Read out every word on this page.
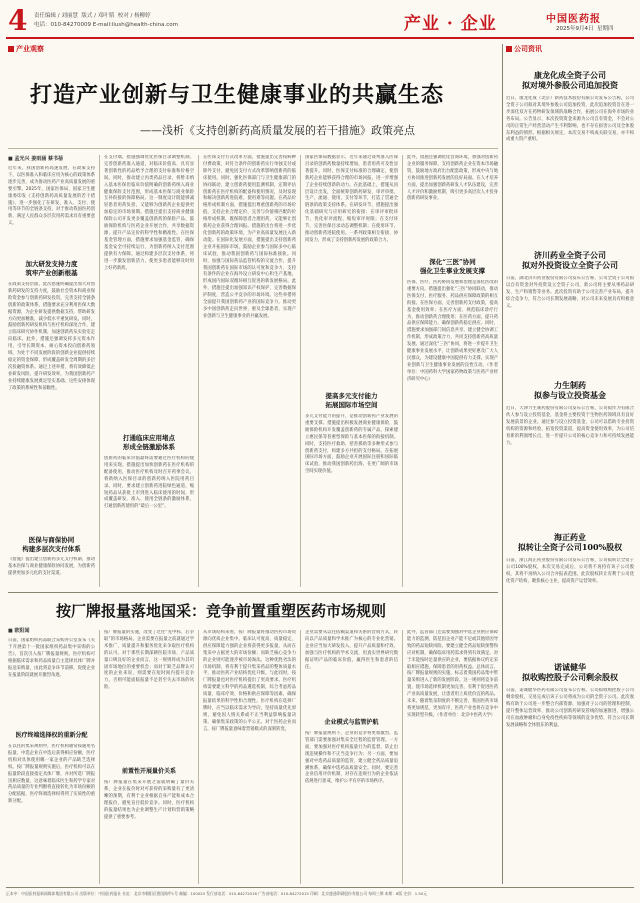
4 责任编辑 / 刘丽慧 版式 / 邓叶韬 校对 / 杨柳婷
电话：010-84270009 E-mail:liush@health-china.com	产业 · 企业	中国医药报
2025年9月4日 星期四
产业观察
打造产业创新与卫生健康事业的共赢生态
——浅析《支持创新药高质量发展的若干措施》政策亮点
■ 孟光兴 姜雨涵 蔡书蓓
近年来，我国创新药高速发展，在政策支持下，以医保准入和临床应用为核心的政策体系逐步完善，成为推动医药产业高质量发展的重要引擎。2025年，国家医保局、国家卫生健康委印发《支持创新药高质量发展的若干措施》，进一步强化了在研发、准入、支付、使用等环节的全链条支持，对于推动我国医药创新、满足人民群众多层次用药需求具有重要意义。
加大研发支持力度
筑牢产业创新根基
在政策支持层面，此次措施明确提出加大对创新药研发的支持力度，鼓励社会资本和商业保险资金参与创新药研发投资，完善支持全链条创新的政策体系。措施要求充分利用医保大数据资源，为企业研发提供数据支持，帮助研发方向更加精准，减少低水平重复研发。同时，鼓励创新药研发机构与医疗机构深度合作，建立临床研究协作机制，加速创新药从实验室走向临床。此外，措施还强调发挥多元资本作用，引导长期资本、耐心资本投向创新药领域，为处于不同发展阶段的创新企业提供持续稳定的资金保障，形成覆盖研发全周期的多层次投融资体系。通过上述举措，将有效降低企业研发风险，提升研发效率，为我国创新药产业持续健康发展奠定坚实基础。这些安排体现了政策的系统性和前瞻性。
医保与商保协同
构建多层次支付体系
《措施》提出建立创新药多元支付机制，推动基本医保与商业健康保险协同发展，为创新药提供更加多元化的支付渠道。
在支付端，措施强调优化医保目录调整机制，完善创新药准入通道，对临床价值高、具有显著创新性的药品给予合理的支付标准和价格空间。同时，推动建立丙类药品目录，将暂未纳入基本医保但临床价值明确的创新药纳入商业健康保险支付范围，形成基本医保与商业保险互补衔接的保障格局。这一制度设计既能够减轻患者用药负担，又能够为创新药企业提供更加稳定的市场预期。措施还提出支持商业健康保险公司开发更多覆盖创新药的保险产品，鼓励保险机构与医药企业开展合作，共享数据资源，提升产品定价的科学性和精准性。在医保基金管理方面，措施要求加强基金监管，确保基金安全可持续运行，为创新药纳入支付范围提供有力保障。通过构建多层次支付体系，将进一步激发创新活力，使更多患者能够及时用上好药新药。
打通临床应用堵点
形成全链激励体系
创新药的临床价值最终需要通过医疗机构的使用来实现。措施提出加快创新药在医疗机构的配备使用，推动医疗机构及时召开药事会议，将新纳入医保目录的创新药纳入医院用药目录。同时，要求建立创新药进院绿色通道，缩短药品从获批上市到进入临床使用的时间，形成覆盖研发、准入、使用全链条的激励体系，打通创新药使用的“最后一公里”。
在医保支付方式改革方面，措施提出完善按病种付费政策，对符合条件的创新药实行单独支付或除外支付，避免因支付方式改革影响创新药的临床使用。同时，强化医保部门与卫生健康部门的协同联动，建立创新药使用监测机制，定期评估创新药在医疗机构的配备和使用情况，及时发现和解决创新药进院难、使用难等问题。在药品价格形成机制方面，措施提出尊重创新药的市场价值，支持企业合理定价，完善与价值相匹配的价格形成机制，既保障患者合理用药，又能够让创新药企业获得合理回报。措施的出台将进一步优化创新药的政策环境，为产业高质量发展注入新动能。在国际化发展方面，措施提出支持创新药企业开拓国际市场，鼓励企业参与国际多中心临床试验，推动我国创新药与国际标准接轨。同时，加强与国际药品监管机构的交流合作，提升我国创新药在国际市场的认可度和竞争力，支持有条件的企业在海外设立研发中心和生产基地，形成国内国际双循环相互促进的新发展格局。此外，措施还提出加强知识产权保护，完善数据保护制度，营造公平竞争的市场环境。这些举措将全面提升我国创新药产业的国际竞争力，推动更多中国创新药走向世界，惠及全球患者，实现产业创新与卫生健康事业的共赢发展。
国家医保局数据显示，近年来通过谈判准入医保目录的创新药数量持续增加，患者用药可及性显著提升。同时，医保支付标准的合理确定，使创新药企业能够获得合理的市场回报，进一步增强了企业持续创新的动力。在此基础上，措施从顶层设计出发，全面统筹创新药研发、审评审批、生产、流通、使用、支付等环节，打造了贯通全链条的政策支持体系。在研发环节，措施提出强化基础研究与应用研究的衔接；在审评审批环节，优化审评流程、缩短审评时限；在支付环节，完善医保目录动态调整机制；在使用环节，推动创新药进院使用。一系列政策相互衔接、协同发力，形成了支持创新药发展的政策合力。
提高多元支付能力
拓展国际市场空间
多元支付能力的提升，是推动创新药产业发展的重要支撑。措施提出积极发展商业健康保险，鼓励保险机构开发覆盖创新药的专属产品，探索建立惠民保等普惠型保险与基本医保的衔接机制。同时，支持医疗救助、慈善援助等多种形式参与创新药支付，构建多方共担的支付格局。在拓展国际市场方面，鼓励企业开展国际注册和国际临床试验，推动我国创新药出海，在更广阔的市场空间实现价值。
此外，措施还强调优化营商环境，加强对创新药企业的服务保障，支持创新药企业在资本市场融资，鼓励地方政府出台配套政策，形成中央与地方协同推进创新药发展的良好局面。在人才培养方面，提出加强创新药研发人才队伍建设，完善人才评价和激励机制，吸引更多高层次人才投身创新药研发事业。
深化“三医”协同
强化卫生事业发展支撑
医保、医疗、医药协同发展和治理是深化医改的重要方向。措施提出强化“三医”协同联动，推动医保支付、医疗服务、药品供应保障政策的相互衔接。在医保方面，完善创新药支付政策，提高基金使用效率；在医疗方面，规范临床诊疗行为，推动创新药合理使用；在医药方面，提升药品供应保障能力，确保创新药稳定供应。同时，措施要求加强部门间信息共享，建立健全协调工作机制，形成政策合力，共同支持创新药高质量发展。通过深化“三医”协同，将进一步提升卫生健康事业发展水平，让创新成果更好惠及广大人民群众，为建设健康中国提供有力支撑。实现产业创新与卫生健康事业发展的良性互动。（作者单位：中国药科大学国家药物政策与医药产业经济研究中心）
按厂牌报量落地国采：竞争前置重塑医药市场规则
■ 欧阳闻
日前，国家组织药品联合采购办公室发布《关于开展第十一批国家组织药品集中采购的公告》，首次引入按厂牌报量规则。医疗机构可根据临床需求和药品质量自主选择具体厂牌并报送采购量，由此将竞争环节前移，促使企业在报量阶段就展开激烈角逐。
医疗终端选择权的重新分配
在以往的集采规则中，医疗机构通常按通用名报量，中选企业在中选后获得相应份额，医疗机构对具体使用哪一家企业的产品缺乏选择权。按厂牌报量规则实施后，医疗机构可以在报量阶段直接指定具体厂牌，并对所选厂牌报送相应数量，这意味着临床医生和药学专家对药品质量的专业判断将直接转化为市场份额的分配依据，医疗终端选择权得到了实质性的重新分配。
按厂牌报量的实施，改变了过往“先中标、后争取”的市场格局。企业需要在报量之前就通过学术推广、质量提升和服务优化来争取医疗机构的认可。对于那些长期深耕医院市场、产品质量口碑良好的企业而言，这一规则将成为其巩固市场地位的重要机会；而对于缺乏品牌认可度的企业来说，则需要在短时间内提升竞争力，否则可能面临报量不足甚至失去市场的风险。
前置性开展量价关系
按厂牌报量在集采开展之前就明确了量价关系，企业在报价时对可获得的采购量有了更清晰的预期，有利于企业根据自身产能和成本合理报价，避免盲目低价竞争。同时，医疗机构的报量结果也为企业调整生产计划和营销策略提供了重要参考。
从市场结构来看，按厂牌报量将推动医药市场资源向优质企业集中。临床认可度高、质量稳定、供应保障能力强的企业将获得更多报量，从而在集采中占据更大的市场份额；而缺乏核心竞争力的企业则可能逐步被市场淘汰。这种优胜劣汰的市场机制，将有利于提升集采药品的整体质量水平，推动医药产业结构优化升级。与此同时，按厂牌报量也对医疗机构提出了更高要求。医疗机构需要建立科学的药品遴选机制，综合考虑药品质量、临床疗效、价格和供应保障等因素，确保报量结果的科学性和合理性。医疗机构在选择厂牌时，应当以临床需求为导向，坚持质量优先原则，避免因人情关系或不正当利益影响报量决策，确保集采政策的公平公正。对于医药企业而言，按厂牌报量意味着营销模式的深刻转变。
企业需要从以往依赖渠道和关系的营销方式，转向以产品质量和学术推广为核心的专业化营销。企业应当加大研发投入，提升产品质量和疗效，加强与医疗机构的学术交流，用真实世界研究数据证明产品的临床价值，赢得医生和患者的信任。
企业模式与监管护航
按厂牌报量规则下，企业的竞争将更加激烈，监管部门需要加强对集采全过程的监督管理。一方面，要加强对医疗机构报量行为的监督，防止出现违规操作和不正当竞争行为；另一方面，要加强对中选药品质量的监管，建立健全药品质量追溯体系，确保中选药品质量安全。同时，要完善企业信用评价机制，对存在违规行为的企业依法依规进行惩戒，维护公平有序的市场秩序。
此外，监管部门还需要加强对中选企业供应保障能力的监测，防范因企业产能不足或其他原因导致的药品短缺风险。要建立健全药品短缺预警和应对机制，确保临床用药需求得到有效满足。对于未能按时足量供应的企业，要依据协议约定采取相应措施，保障患者的用药权益。总体而言，按厂牌报量规则的实施，标志着我国药品集中带量采购进入了新的发展阶段。这一规则将竞争前置，使市场选择机制更加完善，有利于促进医药产业高质量发展，让患者用上质优价宜的药品。未来，随着集采制度的不断完善，我国医药市场将更加规范、更加有序，医药产业也将在竞争中实现转型升级。（作者单位：北京中医药大学）
公司资讯
康龙化成全资子公司
拟对境外参股公司追加投资
近日，康龙化成（北京）新药技术股份有限公司发布公告称，公司全资子公司拟对其境外参股公司追加投资，此次追加投资旨在进一步深化双方在药物研发领域的战略合作，拓展公司在海外市场的业务布局。公告显示，本次投资资金来源为公司自有资金，不会对公司的正常生产经营活动产生不利影响，也不存在损害公司及全体股东利益的情形。根据相关规定，本次交易不构成关联交易，亦不构成重大资产重组。
济川药业全资子公司
拟对外投资设立全资子公司
日前，湖北济川药业股份有限公司发布公告称，公司全资子公司拟以自有资金对外投资设立全资子公司，新公司将主要从事药品研发、生产和销售等业务。此次投资有助于公司完善产业布局，提升综合竞争力，符合公司长期发展战略，对公司未来发展具有积极意义。
力生制药
拟参与设立投资基金
近日，天津力生制药股份有限公司发布公告称，公司拟作为有限合伙人参与设立投资基金，基金将主要投资于生物医药领域具有良好发展前景的企业。通过参与设立投资基金，公司可以借助专业投资机构的资源和经验，拓宽投资渠道，提高资金使用效率，为公司培育新的利润增长点，进一步提升公司的核心竞争力和可持续发展能力。
海正药业
拟转让全资子公司100%股权
日前，浙江海正药业股份有限公司发布公告称，公司拟转让全资子公司100%股权，本次交易完成后，公司将不再持有该子公司股权，其将不再纳入公司合并报表范围。此次股权转让有利于公司优化资产结构，聚焦核心主业，提高资产运营效率。
诺诚健华
拟收购控股子公司剩余股权
日前，诺诚健华医药有限公司发布公告称，公司拟收购控股子公司剩余股权，交易完成后该子公司将成为公司的全资子公司。此次收购有助于公司进一步整合内部资源，加强对子公司的管理和控制，提升整体运营效率，推动公司创新药研发管线的加速推进，增强公司在血液肿瘤和自身免疫性疾病等领域的竞争优势，符合公司长期发展战略和全体股东的利益。
正本中：中国医药报新闻媒体集团有限公司 出版单位：中国医药报社 社址：北京市朝阳区建国路甲1号 邮编：100020 发行部电话：010-84272016 广告部电话：010-84272015 印刷：北京盛通印刷股份有限公司 每周三期 本期：8版 定价：1.50元
